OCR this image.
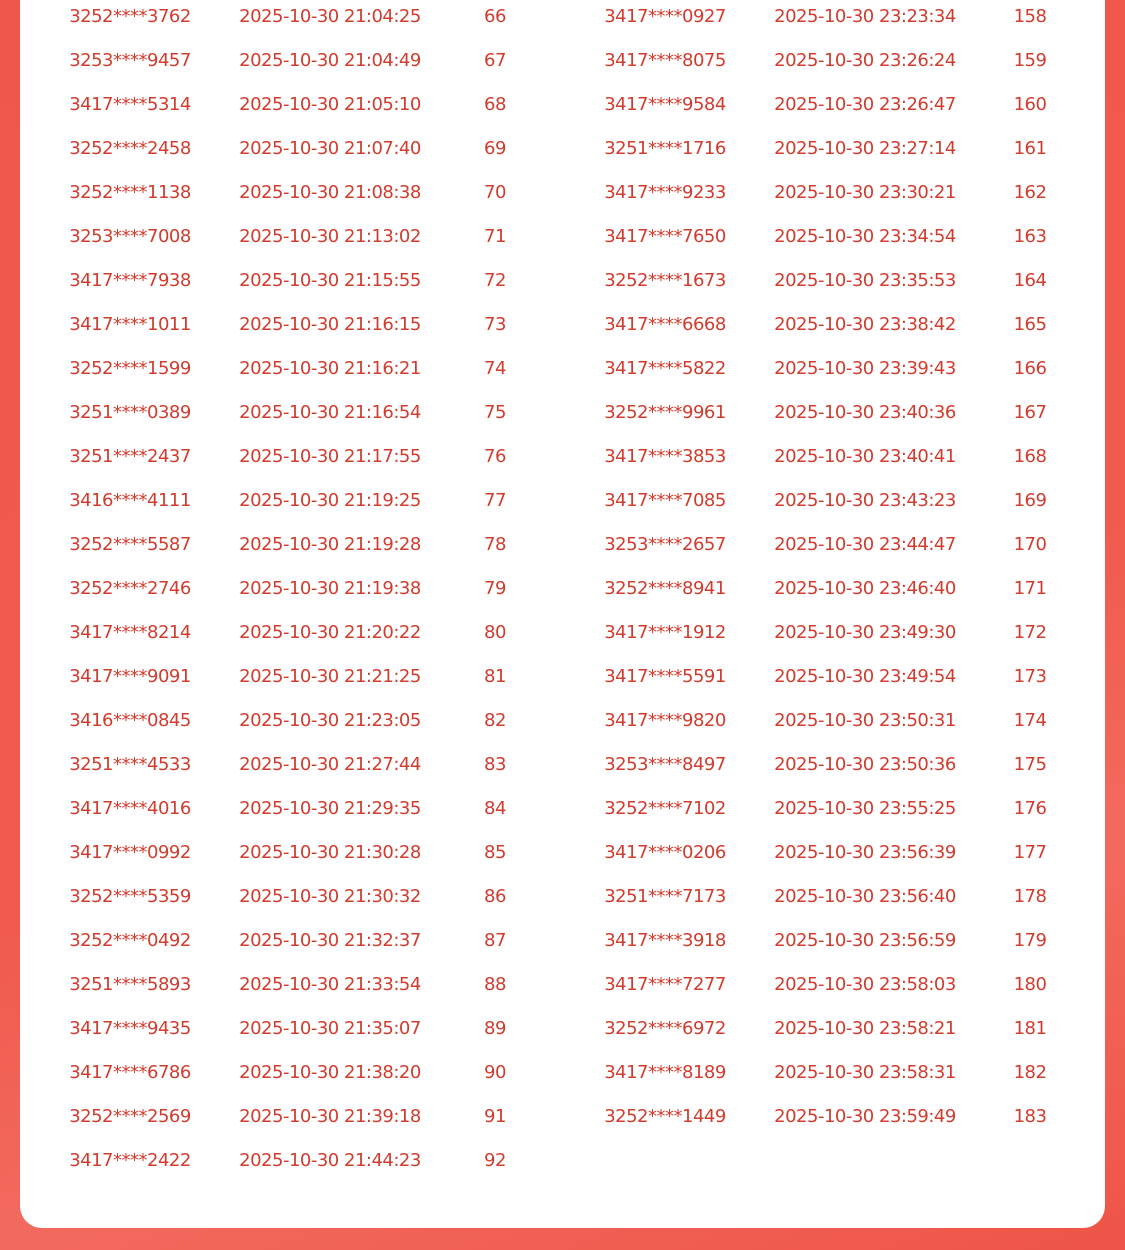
3252****3762	2025-10-30 21:04:25	66
3253****9457	2025-10-30 21:04:49	67
3417****5314	2025-10-30 21:05:10	68
3252****2458	2025-10-30 21:07:40	69
3252****1138	2025-10-30 21:08:38	70
3253****7008	2025-10-30 21:13:02	71
3417****7938	2025-10-30 21:15:55	72
3417****1011	2025-10-30 21:16:15	73
3252****1599	2025-10-30 21:16:21	74
3251****0389	2025-10-30 21:16:54	75
3251****2437	2025-10-30 21:17:55	76
3416****4111	2025-10-30 21:19:25	77
3252****5587	2025-10-30 21:19:28	78
3252****2746	2025-10-30 21:19:38	79
3417****8214	2025-10-30 21:20:22	80
3417****9091	2025-10-30 21:21:25	81
3416****0845	2025-10-30 21:23:05	82
3251****4533	2025-10-30 21:27:44	83
3417****4016	2025-10-30 21:29:35	84
3417****0992	2025-10-30 21:30:28	85
3252****5359	2025-10-30 21:30:32	86
3252****0492	2025-10-30 21:32:37	87
3251****5893	2025-10-30 21:33:54	88
3417****9435	2025-10-30 21:35:07	89
3417****6786	2025-10-30 21:38:20	90
3252****2569	2025-10-30 21:39:18	91
3417****2422	2025-10-30 21:44:23	92
3417****0927	2025-10-30 23:23:34	158
3417****8075	2025-10-30 23:26:24	159
3417****9584	2025-10-30 23:26:47	160
3251****1716	2025-10-30 23:27:14	161
3417****9233	2025-10-30 23:30:21	162
3417****7650	2025-10-30 23:34:54	163
3252****1673	2025-10-30 23:35:53	164
3417****6668	2025-10-30 23:38:42	165
3417****5822	2025-10-30 23:39:43	166
3252****9961	2025-10-30 23:40:36	167
3417****3853	2025-10-30 23:40:41	168
3417****7085	2025-10-30 23:43:23	169
3253****2657	2025-10-30 23:44:47	170
3252****8941	2025-10-30 23:46:40	171
3417****1912	2025-10-30 23:49:30	172
3417****5591	2025-10-30 23:49:54	173
3417****9820	2025-10-30 23:50:31	174
3253****8497	2025-10-30 23:50:36	175
3252****7102	2025-10-30 23:55:25	176
3417****0206	2025-10-30 23:56:39	177
3251****7173	2025-10-30 23:56:40	178
3417****3918	2025-10-30 23:56:59	179
3417****7277	2025-10-30 23:58:03	180
3252****6972	2025-10-30 23:58:21	181
3417****8189	2025-10-30 23:58:31	182
3252****1449	2025-10-30 23:59:49	183
